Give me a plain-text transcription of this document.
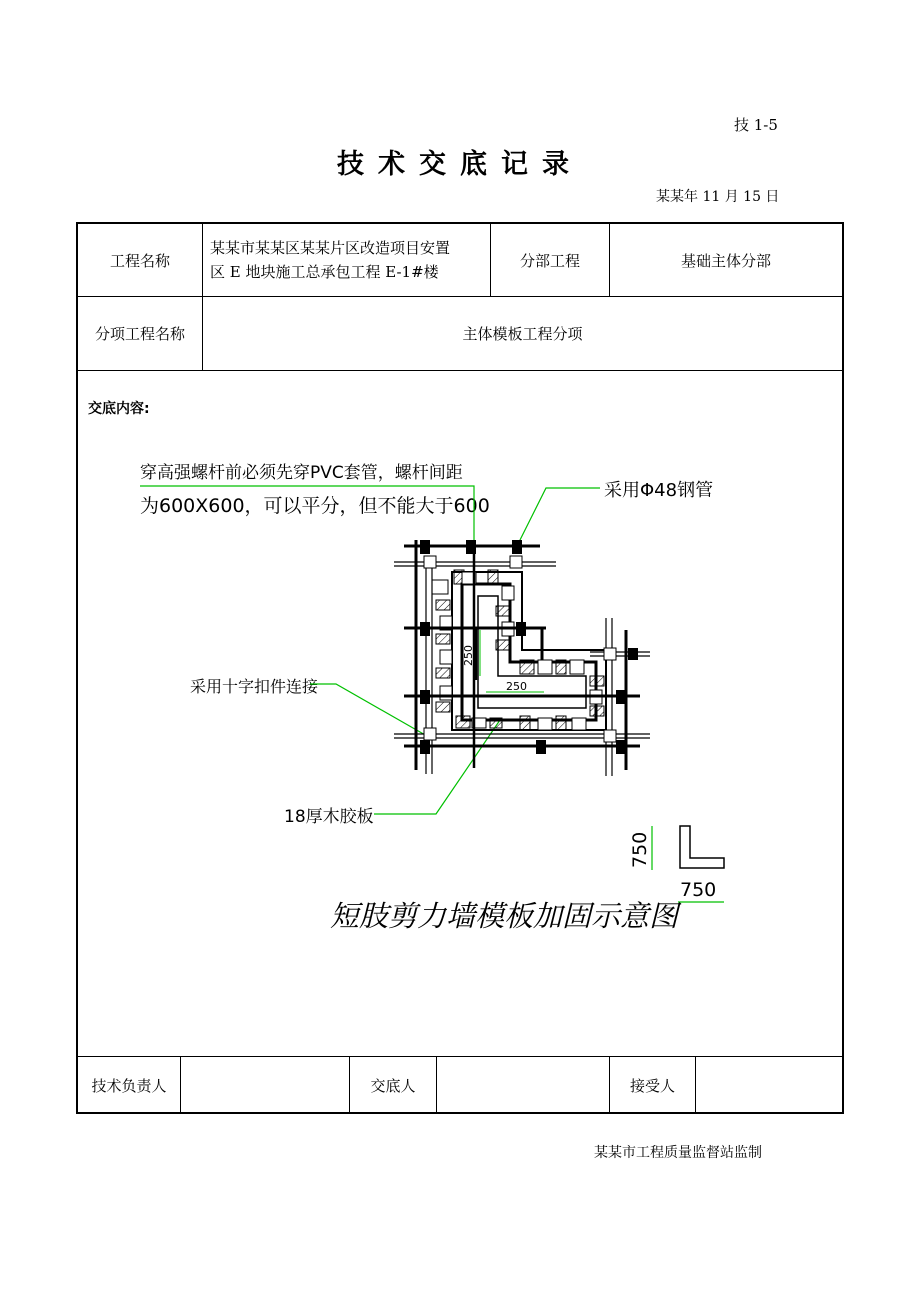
技 1-5
技术交底记录
某某年 11 月 15 日
工程名称
某某市某某区某某片区改造项目安置
区 E 地块施工总承包工程 E-1#楼
分部工程	基础主体分部
分项工程名称	主体模板工程分项
交底内容:
穿高强螺杆前必须先穿PVC套管，螺杆间距
为600X600，可以平分，但不能大于600
采用Φ48钢管
采用十字扣件连接
18厚木胶板
250
250
750
750
短肢剪力墙模板加固示意图
技术负责人	交底人	接受人
某某市工程质量监督站监制
